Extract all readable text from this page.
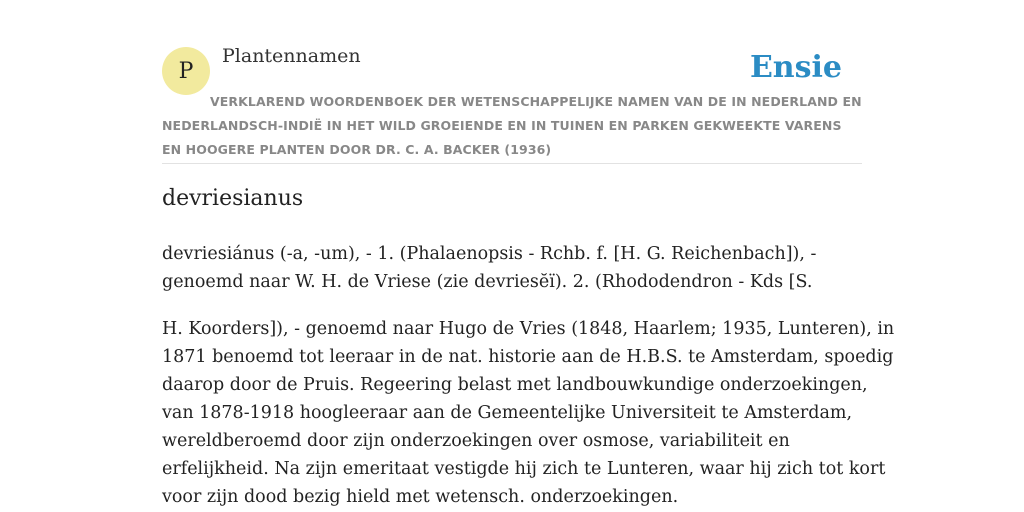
P
Plantennamen	Ensie
VERKLAREND WOORDENBOEK DER WETENSCHAPPELIJKE NAMEN VAN DE IN NEDERLAND EN NEDERLANDSCH-INDIË IN HET WILD GROEIENDE EN IN TUINEN EN PARKEN GEKWEEKTE VARENS EN HOOGERE PLANTEN DOOR DR. C. A. BACKER (1936)
devriesianus
devriesiánus (-a, -um), - 1. (Phalaenopsis - Rchb. f. [H. G. Reichenbach]), -
genoemd naar W. H. de Vriese (zie devriesĕï). 2. (Rhododendron - Kds [S.
H. Koorders]), - genoemd naar Hugo de Vries (1848, Haarlem; 1935, Lunteren), in
1871 benoemd tot leeraar in de nat. historie aan de H.B.S. te Amsterdam, spoedig
daarop door de Pruis. Regeering belast met landbouwkundige onderzoekingen,
van 1878-1918 hoogleeraar aan de Gemeentelijke Universiteit te Amsterdam,
wereldberoemd door zijn onderzoekingen over osmose, variabiliteit en
erfelijkheid. Na zijn emeritaat vestigde hij zich te Lunteren, waar hij zich tot kort
voor zijn dood bezig hield met wetensch. onderzoekingen.
